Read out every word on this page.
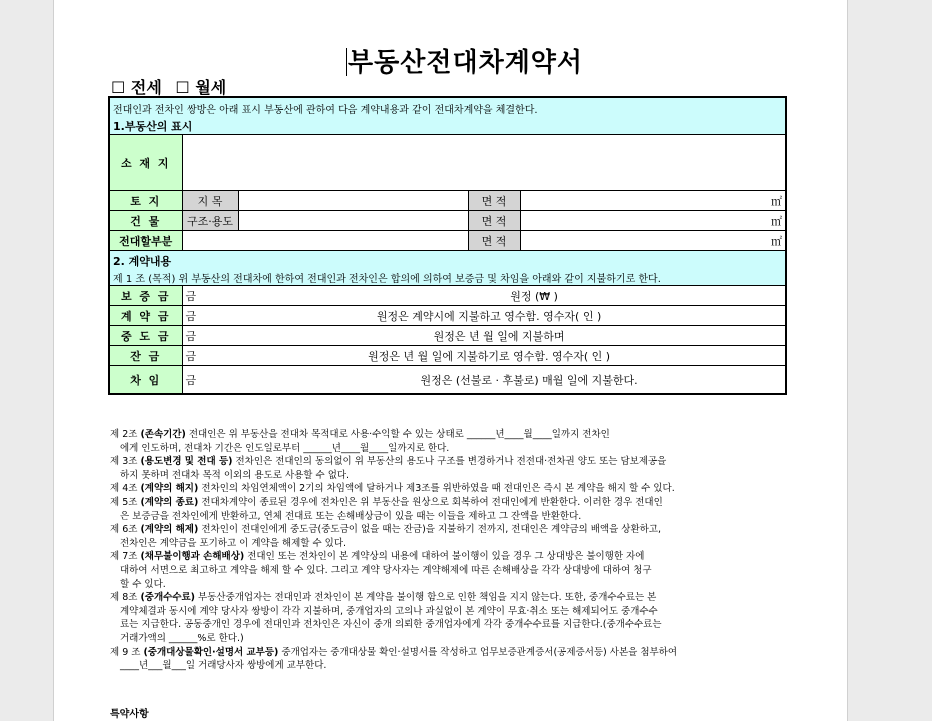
부동산전대차계약서
☐ 전세 ☐ 월세
전대인과 전차인 쌍방은 아래 표시 부동산에 관하여 다음 계약내용과 같이 전대차계약을 체결한다.
1.부동산의 표시				

소 재 지				
토 지	지 목		면 적	㎡
건 물	구조·용도		면 적	㎡
전대할부분			면 적	㎡

2. 계약내용
제 1 조 (목적) 위 부동산의 전대차에 한하여 전대인과 전차인은 합의에 의하여 보증금 및 차임을 아래와 같이 지불하기로 한다.				

보 증 금	금 원정 (₩ )			

계 약 금	금 원정은 계약시에 지불하고 영수함. 영수자( 인 )			

중 도 금	금 원정은 년 월 일에 지불하며			

잔 금	금 원정은 년 월 일에 지불하기로 영수함. 영수자( 인 )			

차 임	금 원정은 (선불로 · 후불로) 매월 일에 지불한다.			

제 2조 (존속기간) 전대인은 위 부동산을 전대차 목적대로 사용·수익할 수 있는 상태로 ______년____월____일까지 전차인

에게 인도하며, 전대차 기간은 인도일로부터 ______년____월____일까지로 한다.

제 3조 (용도변경 및 전대 등) 전차인은 전대인의 동의없이 위 부동산의 용도나 구조를 변경하거나 전전대·전차권 양도 또는 담보제공을

하지 못하며 전대차 목적 이외의 용도로 사용할 수 없다.

제 4조 (계약의 해지) 전차인의 차임연체액이 2기의 차임액에 달하거나 제3조를 위반하였을 때 전대인은 즉시 본 계약을 해지 할 수 있다.

제 5조 (계약의 종료) 전대차계약이 종료된 경우에 전차인은 위 부동산을 원상으로 회복하여 전대인에게 반환한다. 이러한 경우 전대인

은 보증금을 전차인에게 반환하고, 연체 전대료 또는 손해배상금이 있을 때는 이들을 제하고 그 잔액을 반환한다.

제 6조 (계약의 해제) 전차인이 전대인에게 중도금(중도금이 없을 때는 잔금)을 지불하기 전까지, 전대인은 계약금의 배액을 상환하고,

전차인은 계약금을 포기하고 이 계약을 해제할 수 있다.

제 7조 (채무불이행과 손해배상) 전대인 또는 전차인이 본 계약상의 내용에 대하여 불이행이 있을 경우 그 상대방은 불이행한 자에

대하여 서면으로 최고하고 계약을 해제 할 수 있다. 그리고 계약 당사자는 계약해제에 따른 손해배상을 각각 상대방에 대하여 청구

할 수 있다.

제 8조 (중개수수료) 부동산중개업자는 전대인과 전차인이 본 계약을 불이행 함으로 인한 책임을 지지 않는다. 또한, 중개수수료는 본

계약체결과 동시에 계약 당사자 쌍방이 각각 지불하며, 중개업자의 고의나 과실없이 본 계약이 무효·취소 또는 해제되어도 중개수수

료는 지급한다. 공동중개인 경우에 전대인과 전차인은 자신이 중개 의뢰한 중개업자에게 각각 중개수수료를 지급한다.(중개수수료는

거래가액의 ______%로 한다.)

제 9 조 (중개대상물확인·설명서 교부등) 중개업자는 중개대상물 확인·설명서를 작성하고 업무보증관계증서(공제증서등) 사본을 첨부하여

____년___월___일 거래당사자 쌍방에게 교부한다.

특약사항
